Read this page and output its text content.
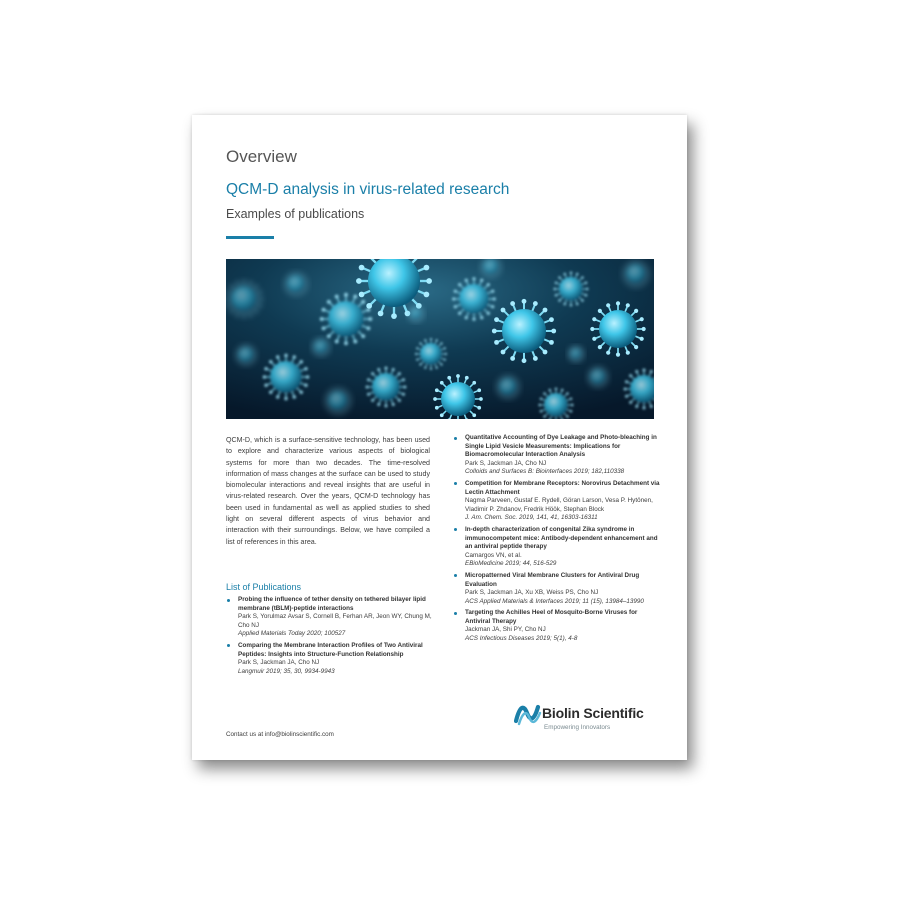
Overview
QCM-D analysis in virus-related research
Examples of publications
QCM-D, which is a surface-sensitive technology, has been used to explore and characterize various aspects of biological systems for more than two decades. The time-resolved information of mass changes at the surface can be used to study biomolecular interactions and reveal insights that are useful in virus-related research. Over the years, QCM-D technology has been used in fundamental as well as applied studies to shed light on several different aspects of virus behavior and interaction with their surroundings. Below, we have compiled a list of references in this area.
List of Publications
Probing the influence of tether density on tethered bilayer lipid membrane (tBLM)-peptide interactions
Park S, Yorulmaz Avsar S, Cornell B, Ferhan AR, Jeon WY, Chung M, Cho NJ
Applied Materials Today 2020; 100527
Comparing the Membrane Interaction Profiles of Two Antiviral Peptides: Insights into Structure-Function Relationship
Park S, Jackman JA, Cho NJ
Langmuir 2019; 35, 30, 9934-9943
Quantitative Accounting of Dye Leakage and Photo-bleaching in Single Lipid Vesicle Measurements: Implications for Biomacromolecular Interaction Analysis
Park S, Jackman JA, Cho NJ
Colloids and Surfaces B: Biointerfaces 2019; 182,110338
Competition for Membrane Receptors: Norovirus Detachment via Lectin Attachment
Nagma Parveen, Gustaf E. Rydell, Göran Larson, Vesa P. Hytönen, Vladimir P. Zhdanov, Fredrik Höök, Stephan Block
J. Am. Chem. Soc. 2019, 141, 41, 16303-16311
In-depth characterization of congenital Zika syndrome in immunocompetent mice: Antibody-dependent enhancement and an antiviral peptide therapy
Camargos VN, et al.
EBioMedicine 2019; 44, 516-529
Micropatterned Viral Membrane Clusters for Antiviral Drug Evaluation
Park S, Jackman JA, Xu XB, Weiss PS, Cho NJ
ACS Applied Materials & Interfaces 2019; 11 (15), 13984–13990
Targeting the Achilles Heel of Mosquito-Borne Viruses for Antiviral Therapy
Jackman JA, Shi PY, Cho NJ
ACS Infectious Diseases 2019; 5(1), 4-8
Contact us at info@biolinscientific.com
Biolin Scientific
Empowering Innovators
